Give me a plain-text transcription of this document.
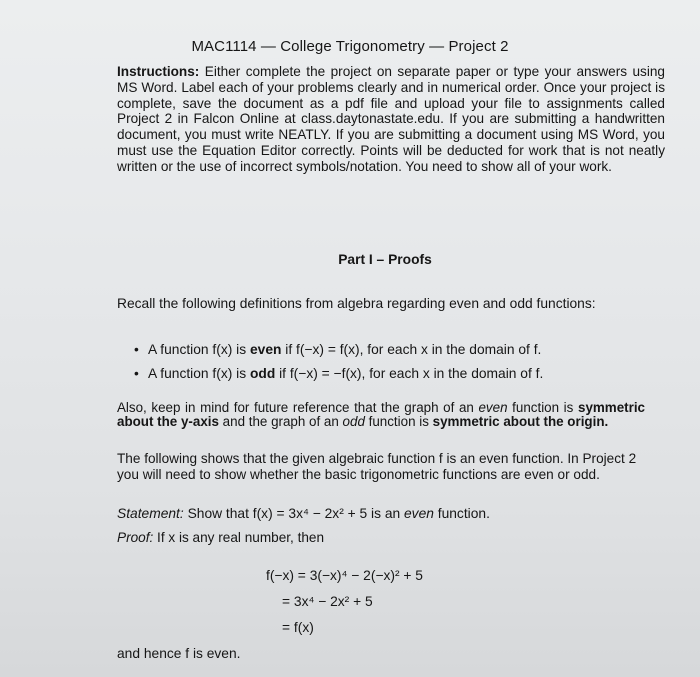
MAC1114 — College Trigonometry — Project 2
Instructions: Either complete the project on separate paper or type your answers using MS Word. Label each of your problems clearly and in numerical order. Once your project is complete, save the document as a pdf file and upload your file to assignments called Project 2 in Falcon Online at class.daytonastate.edu. If you are submitting a handwritten document, you must write NEATLY. If you are submitting a document using MS Word, you must use the Equation Editor correctly. Points will be deducted for work that is not neatly written or the use of incorrect symbols/notation. You need to show all of your work.
Part I – Proofs
Recall the following definitions from algebra regarding even and odd functions:
• A function f(x) is even if f(−x) = f(x), for each x in the domain of f.
• A function f(x) is odd if f(−x) = −f(x), for each x in the domain of f.
Also, keep in mind for future reference that the graph of an even function is symmetric about the y-axis and the graph of an odd function is symmetric about the origin.
The following shows that the given algebraic function f is an even function. In Project 2 you will need to show whether the basic trigonometric functions are even or odd.
Statement: Show that f(x) = 3x⁴ − 2x² + 5 is an even function.
Proof: If x is any real number, then
f(−x) = 3(−x)⁴ − 2(−x)² + 5
= 3x⁴ − 2x² + 5
= f(x)
and hence f is even.
